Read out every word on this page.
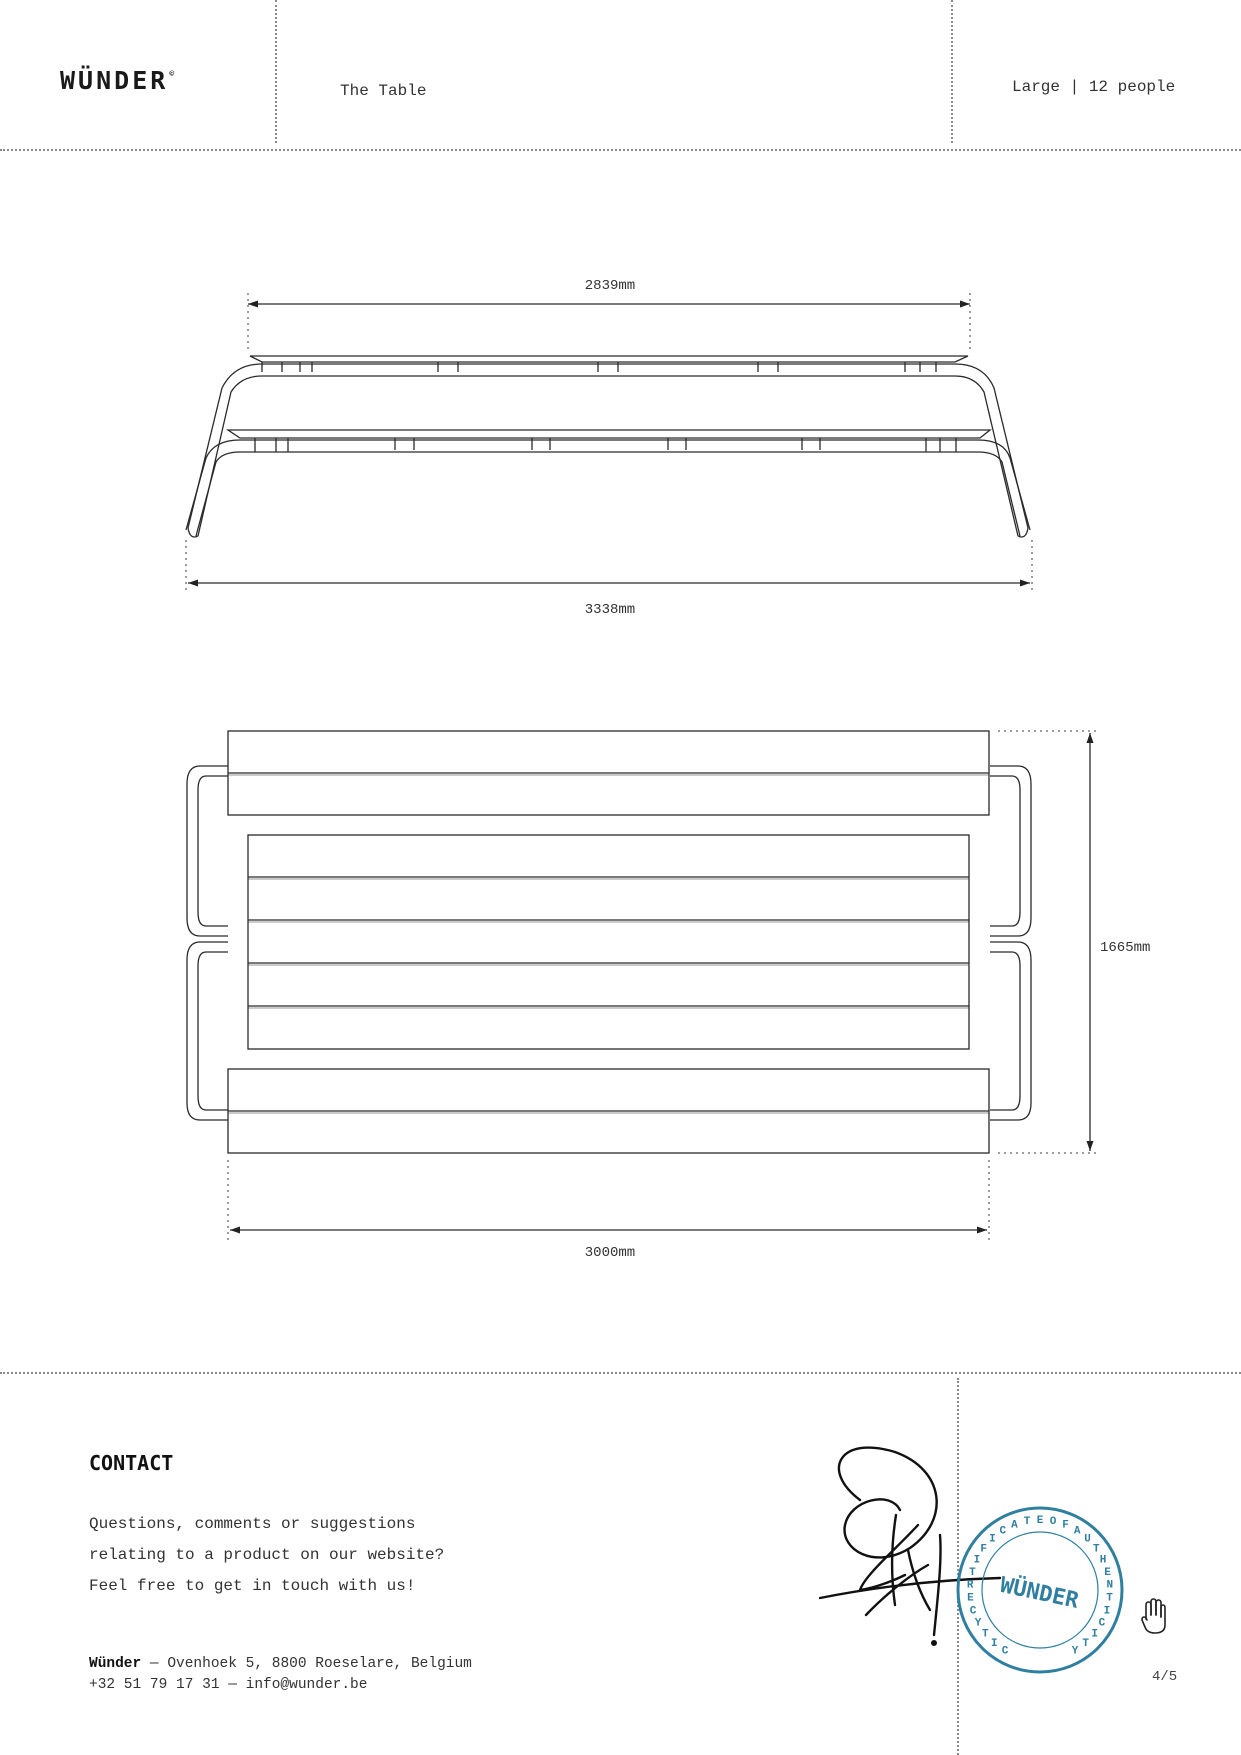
WÜNDER©
The Table	Large | 12 people
2839mm
3338mm
1665mm
3000mm
CONTACT
Questions, comments or suggestions
relating to a product on our website?
Feel free to get in touch with us!
Wünder — Ovenhoek 5, 8800 Roeselare, Belgium
+32 51 79 17 31 — info@wunder.be
WÜNDER
CITYCERTIFIC A T E O F AUTH E N T I C I T Y
4/5
